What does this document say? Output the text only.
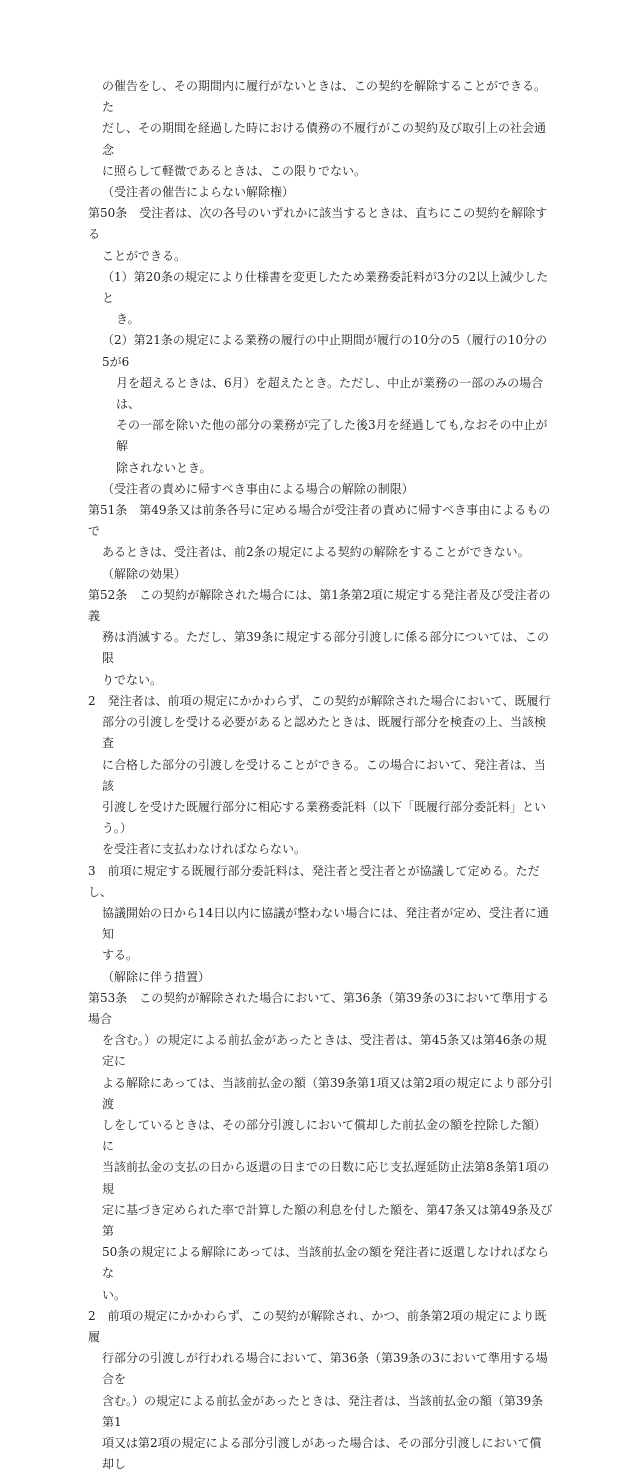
の催告をし、その期間内に履行がないときは、この契約を解除することができる。た
だし、その期間を経過した時における債務の不履行がこの契約及び取引上の社会通念
に照らして軽微であるときは、この限りでない。
（受注者の催告によらない解除権）
第50条　受注者は、次の各号のいずれかに該当するときは、直ちにこの契約を解除する
ことができる。
（1）第20条の規定により仕様書を変更したため業務委託料が3分の2以上減少したと
き。
（2）第21条の規定による業務の履行の中止期間が履行の10分の5（履行の10分の5が6
月を超えるときは、6月）を超えたとき。ただし、中止が業務の一部のみの場合は、
その一部を除いた他の部分の業務が完了した後3月を経過しても,なおその中止が解
除されないとき。
（受注者の責めに帰すべき事由による場合の解除の制限）
第51条　第49条又は前条各号に定める場合が受注者の責めに帰すべき事由によるもので
あるときは、受注者は、前2条の規定による契約の解除をすることができない。
（解除の効果）
第52条　この契約が解除された場合には、第1条第2項に規定する発注者及び受注者の義
務は消滅する。ただし、第39条に規定する部分引渡しに係る部分については、この限
りでない。
2　発注者は、前項の規定にかかわらず、この契約が解除された場合において、既履行
部分の引渡しを受ける必要があると認めたときは、既履行部分を検査の上、当該検査
に合格した部分の引渡しを受けることができる。この場合において、発注者は、当該
引渡しを受けた既履行部分に相応する業務委託料（以下「既履行部分委託料」という。）
を受注者に支払わなければならない。
3　前項に規定する既履行部分委託料は、発注者と受注者とが協議して定める。ただし、
協議開始の日から14日以内に協議が整わない場合には、発注者が定め、受注者に通知
する。
（解除に伴う措置）
第53条　この契約が解除された場合において、第36条（第39条の3において準用する場合
を含む。）の規定による前払金があったときは、受注者は、第45条又は第46条の規定に
よる解除にあっては、当該前払金の額（第39条第1項又は第2項の規定により部分引渡
しをしているときは、その部分引渡しにおいて償却した前払金の額を控除した額）に
当該前払金の支払の日から返還の日までの日数に応じ支払遅延防止法第8条第1項の規
定に基づき定められた率で計算した額の利息を付した額を、第47条又は第49条及び第
50条の規定による解除にあっては、当該前払金の額を発注者に返還しなければならな
い。
2　前項の規定にかかわらず、この契約が解除され、かつ、前条第2項の規定により既履
行部分の引渡しが行われる場合において、第36条（第39条の3において準用する場合を
含む。）の規定による前払金があったときは、発注者は、当該前払金の額（第39条第1
項又は第2項の規定による部分引渡しがあった場合は、その部分引渡しにおいて償却し
